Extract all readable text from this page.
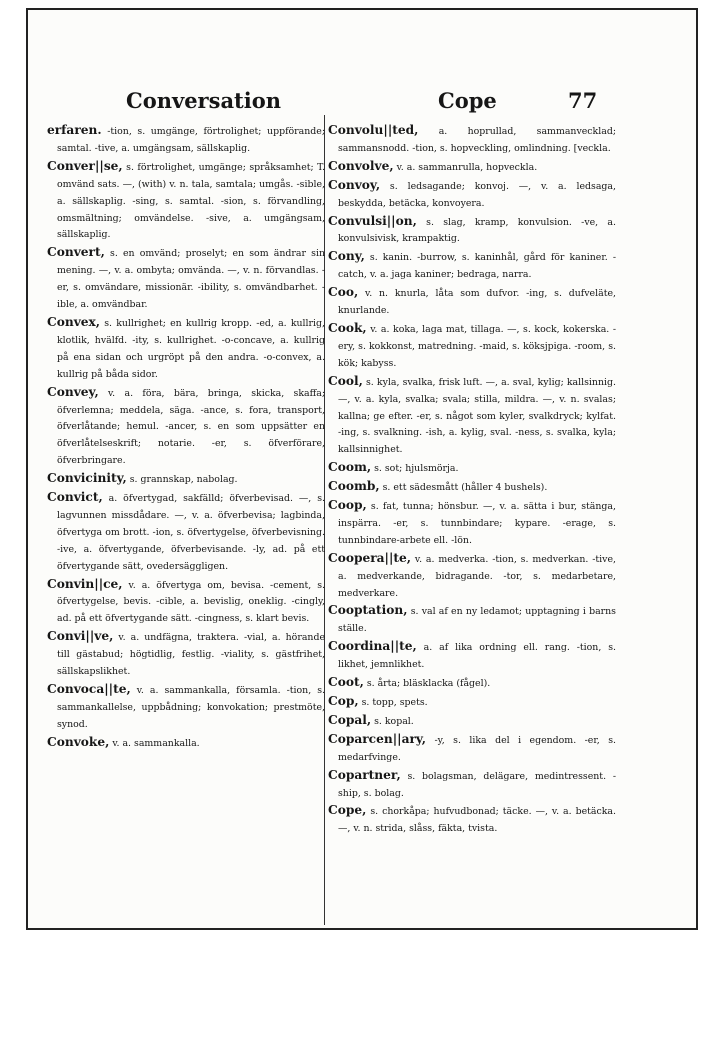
Conversation	Cope	77

erfaren. -tion, s. umgänge, förtrolighet; uppförande; samtal. -tive, a. umgängsam, sällskaplig.

Conver||se, s. förtrolighet, umgänge; språksamhet; T. omvänd sats. —, (with) v. n. tala, samtala; umgås. -sible, a. sällskaplig. -sing, s. samtal. -sion, s. förvandling, omsmältning; omvändelse. -sive, a. umgängsam, sällskaplig.

Convert, s. en omvänd; proselyt; en som ändrar sin mening. —, v. a. ombyta; omvända. —, v. n. förvandlas. -er, s. omvändare, missionär. -ibility, s. omvändbarhet. -ible, a. omvändbar.

Convex, s. kullrighet; en kullrig kropp. -ed, a. kullrig, klotlik, hvälfd. -ity, s. kullrighet. -o-concave, a. kullrig på ena sidan och urgröpt på den andra. -o-convex, a. kullrig på båda sidor.

Convey, v. a. föra, bära, bringa, skicka, skaffa; öfverlemna; meddela, säga. -ance, s. fora, transport, öfverlåtande; hemul. -ancer, s. en som uppsätter en öfverlåtelseskrift; notarie. -er, s. öfverförare, öfverbringare.

Convicinity, s. grannskap, nabolag.

Convict, a. öfvertygad, sakfälld; öfverbevisad. —, s. lagvunnen missdådare. —, v. a. öfverbevisa; lagbinda, öfvertyga om brott. -ion, s. öfvertygelse, öfverbevisning. -ive, a. öfvertygande, öfverbevisande. -ly, ad. på ett öfvertygande sätt, ovedersäggligen.

Convin||ce, v. a. öfvertyga om, bevisa. -cement, s. öfvertygelse, bevis. -cible, a. bevislig, oneklig. -cingly, ad. på ett öfvertygande sätt. -cingness, s. klart bevis.

Convi||ve, v. a. undfägna, traktera. -vial, a. hörande till gästabud; högtidlig, festlig. -viality, s. gästfrihet, sällskapslikhet.

Convoca||te, v. a. sammankalla, församla. -tion, s. sammankallelse, uppbådning; konvokation; prestmöte, synod.

Convoke, v. a. sammankalla.

Convolu||ted, a. hoprullad, sammanvecklad; sammansnodd. -tion, s. hopveckling, omlindning. [veckla.

Convolve, v. a. sammanrulla, hopveckla.

Convoy, s. ledsagande; konvoj. —, v. a. ledsaga, beskydda, betäcka, konvoyera.

Convulsi||on, s. slag, kramp, konvulsion. -ve, a. konvulsivisk, krampaktig.

Cony, s. kanin. -burrow, s. kaninhål, gård för kaniner. -catch, v. a. jaga kaniner; bedraga, narra.

Coo, v. n. knurla, låta som dufvor. -ing, s. dufveläte, knurlande.

Cook, v. a. koka, laga mat, tillaga. —, s. kock, kokerska. -ery, s. kokkonst, matredning. -maid, s. köksjpiga. -room, s. kök; kabyss.

Cool, s. kyla, svalka, frisk luft. —, a. sval, kylig; kallsinnig. —, v. a. kyla, svalka; svala; stilla, mildra. —, v. n. svalas; kallna; ge efter. -er, s. något som kyler, svalkdryck; kylfat. -ing, s. svalkning. -ish, a. kylig, sval. -ness, s. svalka, kyla; kallsinnighet.

Coom, s. sot; hjulsmörja.

Coomb, s. ett sädesmått (håller 4 bushels).

Coop, s. fat, tunna; hönsbur. —, v. a. sätta i bur, stänga, inspärra. -er, s. tunnbindare; kypare. -erage, s. tunnbindare-arbete ell. -lön.

Coopera||te, v. a. medverka. -tion, s. medverkan. -tive, a. medverkande, bidragande. -tor, s. medarbetare, medverkare.

Cooptation, s. val af en ny ledamot; upptagning i barns ställe.

Coordina||te, a. af lika ordning ell. rang. -tion, s. likhet, jemnlikhet.

Coot, s. årta; bläsklacka (fågel).

Cop, s. topp, spets.

Copal, s. kopal.

Coparcen||ary, -y, s. lika del i egendom. -er, s. medarfvinge.

Copartner, s. bolagsman, delägare, medintressent. -ship, s. bolag.

Cope, s. chorkåpa; hufvudbonad; täcke. —, v. a. betäcka. —, v. n. strida, slåss, fäkta, tvista.
